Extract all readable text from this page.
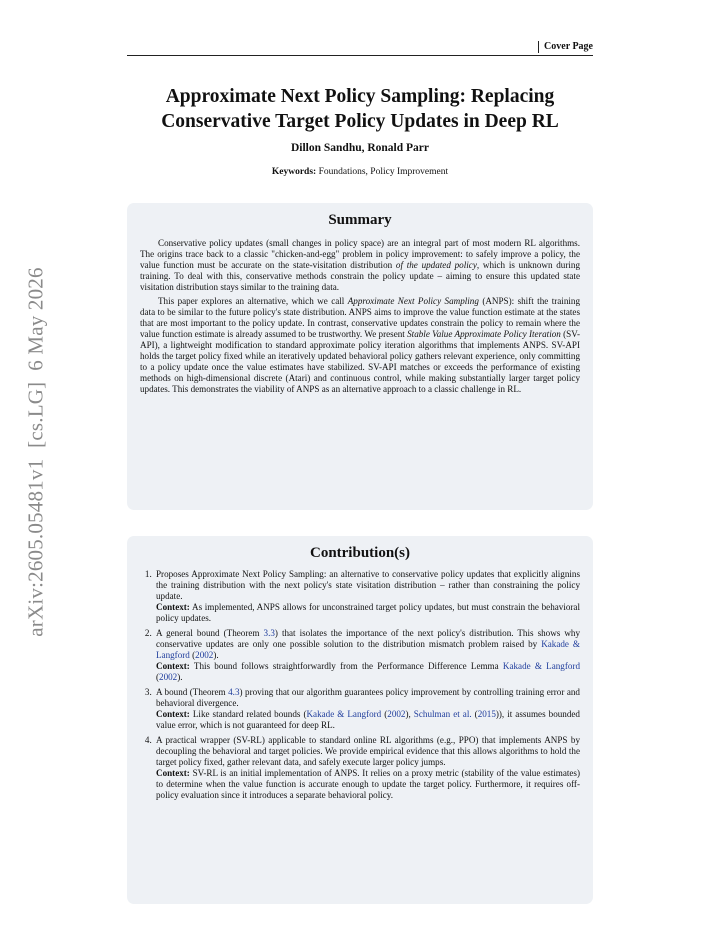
arXiv:2605.05481v1  [cs.LG]  6 May 2026
Cover Page
Approximate Next Policy Sampling: Replacing
Conservative Target Policy Updates in Deep RL
Dillon Sandhu, Ronald Parr
Keywords: Foundations, Policy Improvement
Summary

Conservative policy updates (small changes in policy space) are an integral part of most modern RL algorithms. The origins trace back to a classic "chicken-and-egg" problem in policy improvement: to safely improve a policy, the value function must be accurate on the state-visitation distribution of the updated policy, which is unknown during training. To deal with this, conservative methods constrain the policy update – aiming to ensure this updated state visitation distribution stays similar to the training data.

This paper explores an alternative, which we call Approximate Next Policy Sampling (ANPS): shift the training data to be similar to the future policy's state distribution. ANPS aims to improve the value function estimate at the states that are most important to the policy update. In contrast, conservative updates constrain the policy to remain where the value function estimate is already assumed to be trustworthy. We present Stable Value Approximate Policy Iteration (SV-API), a lightweight modification to standard approximate policy iteration algorithms that implements ANPS. SV-API holds the target policy fixed while an iteratively updated behavioral policy gathers relevant experience, only committing to a policy update once the value estimates have stabilized. SV-API matches or exceeds the performance of existing methods on high-dimensional discrete (Atari) and continuous control, while making substantially larger target policy updates. This demonstrates the viability of ANPS as an alternative approach to a classic challenge in RL.

Contribution(s)
1. Proposes Approximate Next Policy Sampling: an alternative to conservative policy updates that explicitly alignins the training distribution with the next policy's state visitation distribution – rather than constraining the policy update.
Context: As implemented, ANPS allows for unconstrained target policy updates, but must constrain the behavioral policy updates.
2. A general bound (Theorem 3.3) that isolates the importance of the next policy's distribution. This shows why conservative updates are only one possible solution to the distribution mismatch problem raised by Kakade & Langford (2002).
Context: This bound follows straightforwardly from the Performance Difference Lemma Kakade & Langford (2002).
3. A bound (Theorem 4.3) proving that our algorithm guarantees policy improvement by controlling training error and behavioral divergence.
Context: Like standard related bounds (Kakade & Langford (2002), Schulman et al. (2015)), it assumes bounded value error, which is not guaranteed for deep RL.
4. A practical wrapper (SV-RL) applicable to standard online RL algorithms (e.g., PPO) that implements ANPS by decoupling the behavioral and target policies. We provide empirical evidence that this allows algorithms to hold the target policy fixed, gather relevant data, and safely execute larger policy jumps.
Context: SV-RL is an initial implementation of ANPS. It relies on a proxy metric (stability of the value estimates) to determine when the value function is accurate enough to update the target policy. Furthermore, it requires off-policy evaluation since it introduces a separate behavioral policy.
